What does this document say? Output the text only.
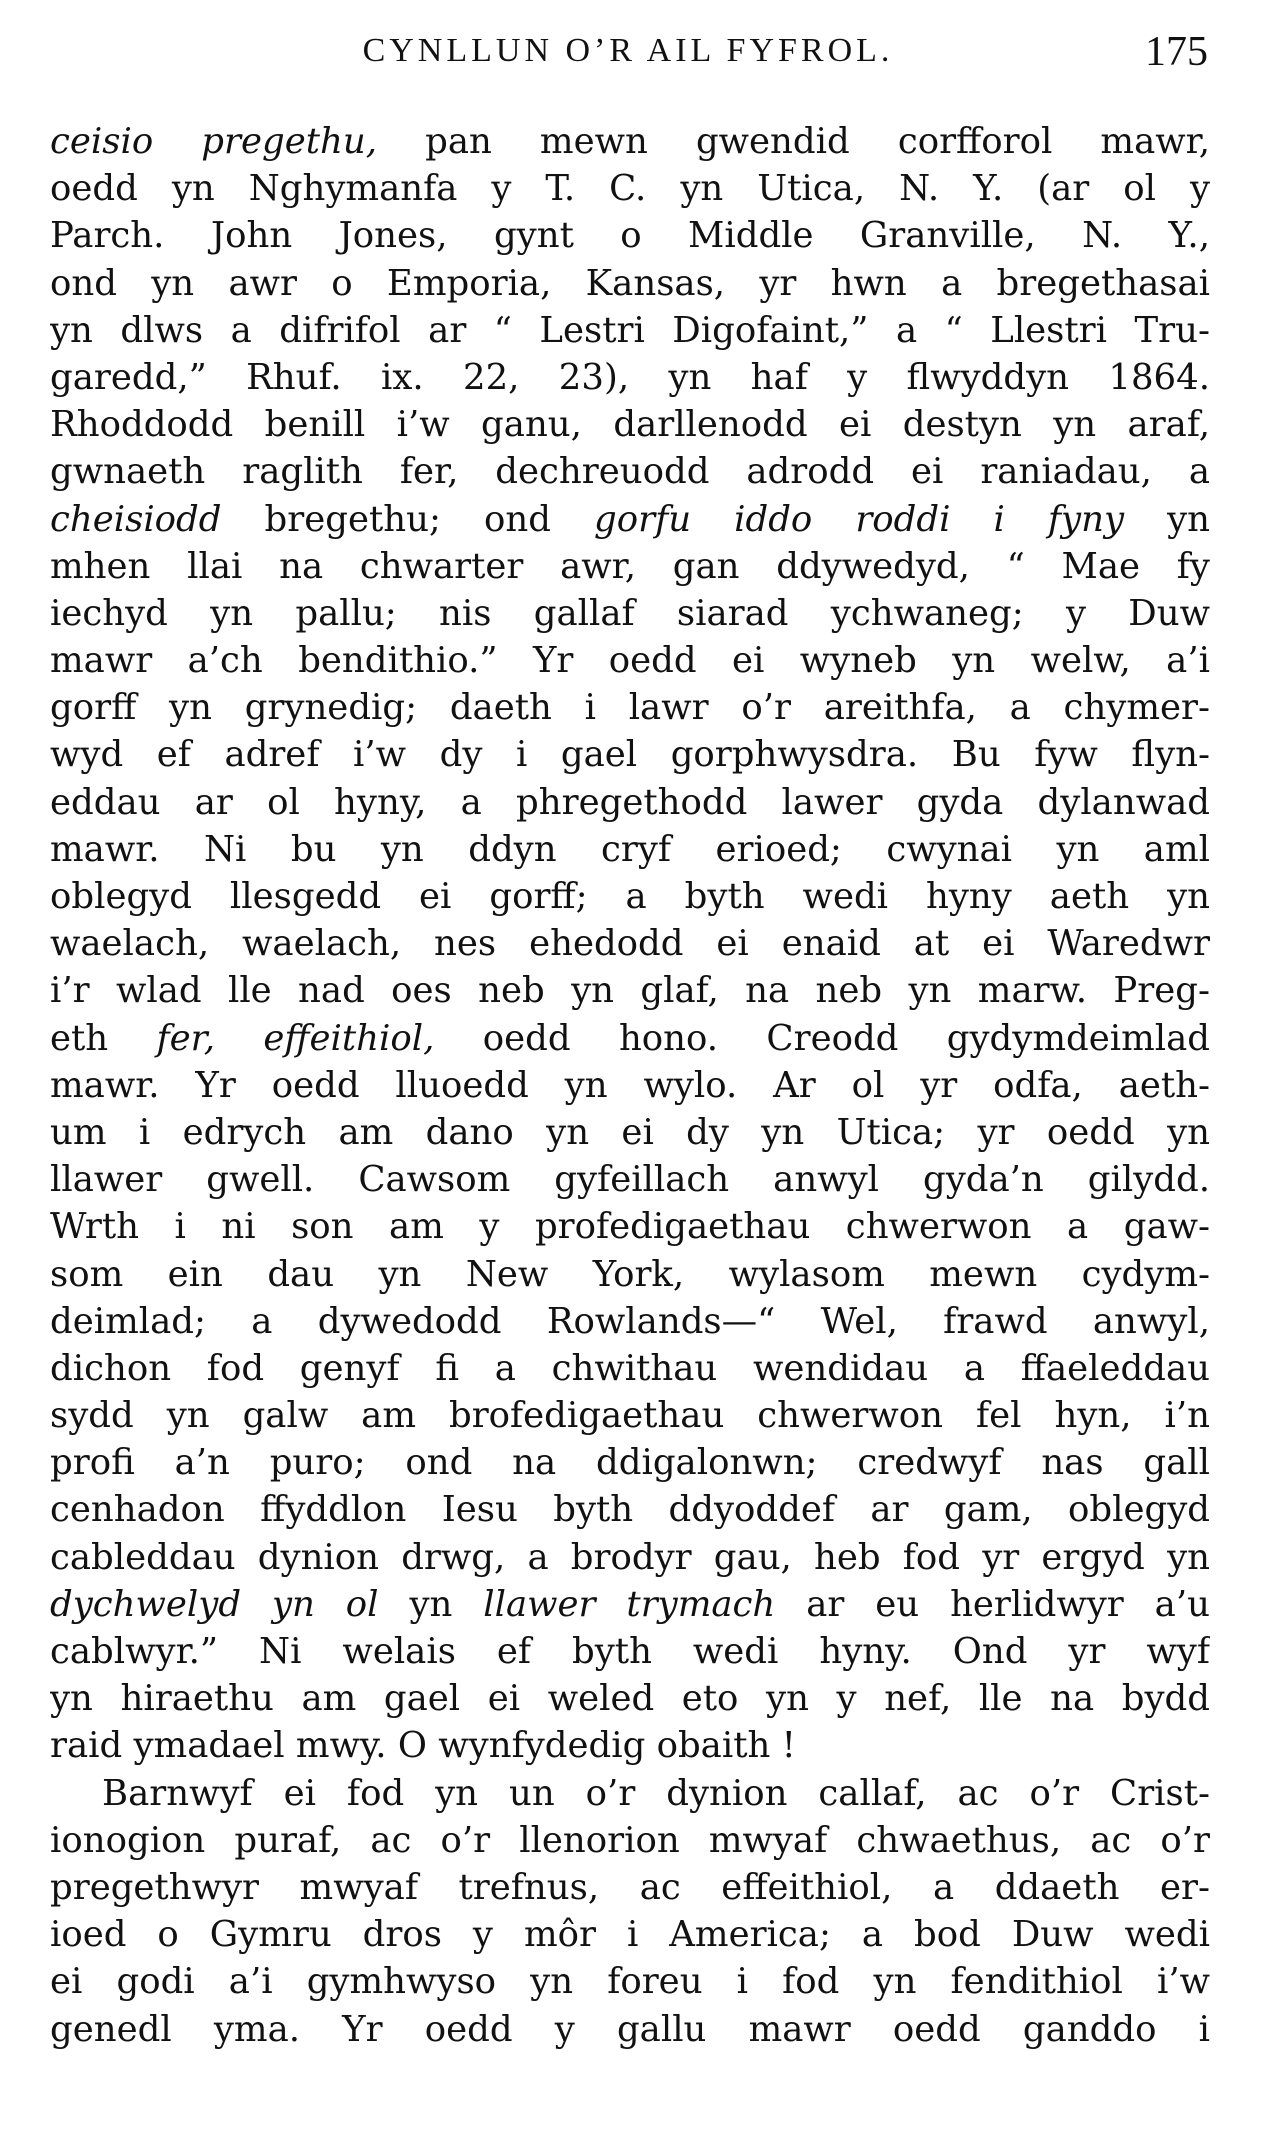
CYNLLUN O’R AIL FYFROL.	175
ceisio pregethu, pan mewn gwendid corfforol mawr,
oedd yn Nghymanfa y T. C. yn Utica, N. Y. (ar ol y
Parch. John Jones, gynt o Middle Granville, N. Y.,
ond yn awr o Emporia, Kansas, yr hwn a bregethasai
yn dlws a difrifol ar “ Lestri Digofaint,” a “ Llestri Tru-
garedd,” Rhuf. ix. 22, 23), yn haf y flwyddyn 1864.
Rhoddodd benill i’w ganu, darllenodd ei destyn yn araf,
gwnaeth raglith fer, dechreuodd adrodd ei raniadau, a
cheisiodd bregethu; ond gorfu iddo roddi i fyny yn
mhen llai na chwarter awr, gan ddywedyd, “ Mae fy
iechyd yn pallu; nis gallaf siarad ychwaneg; y Duw
mawr a’ch bendithio.” Yr oedd ei wyneb yn welw, a’i
gorff yn grynedig; daeth i lawr o’r areithfa, a chymer-
wyd ef adref i’w dy i gael gorphwysdra. Bu fyw flyn-
eddau ar ol hyny, a phregethodd lawer gyda dylanwad
mawr. Ni bu yn ddyn cryf erioed; cwynai yn aml
oblegyd llesgedd ei gorff; a byth wedi hyny aeth yn
waelach, waelach, nes ehedodd ei enaid at ei Waredwr
i’r wlad lle nad oes neb yn glaf, na neb yn marw. Preg-
eth fer, effeithiol, oedd hono. Creodd gydymdeimlad
mawr. Yr oedd lluoedd yn wylo. Ar ol yr odfa, aeth-
um i edrych am dano yn ei dy yn Utica; yr oedd yn
llawer gwell. Cawsom gyfeillach anwyl gyda’n gilydd.
Wrth i ni son am y profedigaethau chwerwon a gaw-
som ein dau yn New York, wylasom mewn cydym-
deimlad; a dywedodd Rowlands—“ Wel, frawd anwyl,
dichon fod genyf fi a chwithau wendidau a ffaeleddau
sydd yn galw am brofedigaethau chwerwon fel hyn, i’n
profi a’n puro; ond na ddigalonwn; credwyf nas gall
cenhadon ffyddlon Iesu byth ddyoddef ar gam, oblegyd
cableddau dynion drwg, a brodyr gau, heb fod yr ergyd yn
dychwelyd yn ol yn llawer trymach ar eu herlidwyr a’u
cablwyr.” Ni welais ef byth wedi hyny. Ond yr wyf
yn hiraethu am gael ei weled eto yn y nef, lle na bydd
raid ymadael mwy. O wynfydedig obaith !
Barnwyf ei fod yn un o’r dynion callaf, ac o’r Crist-
ionogion puraf, ac o’r llenorion mwyaf chwaethus, ac o’r
pregethwyr mwyaf trefnus, ac effeithiol, a ddaeth er-
ioed o Gymru dros y môr i America; a bod Duw wedi
ei godi a’i gymhwyso yn foreu i fod yn fendithiol i’w
genedl yma. Yr oedd y gallu mawr oedd ganddo i
